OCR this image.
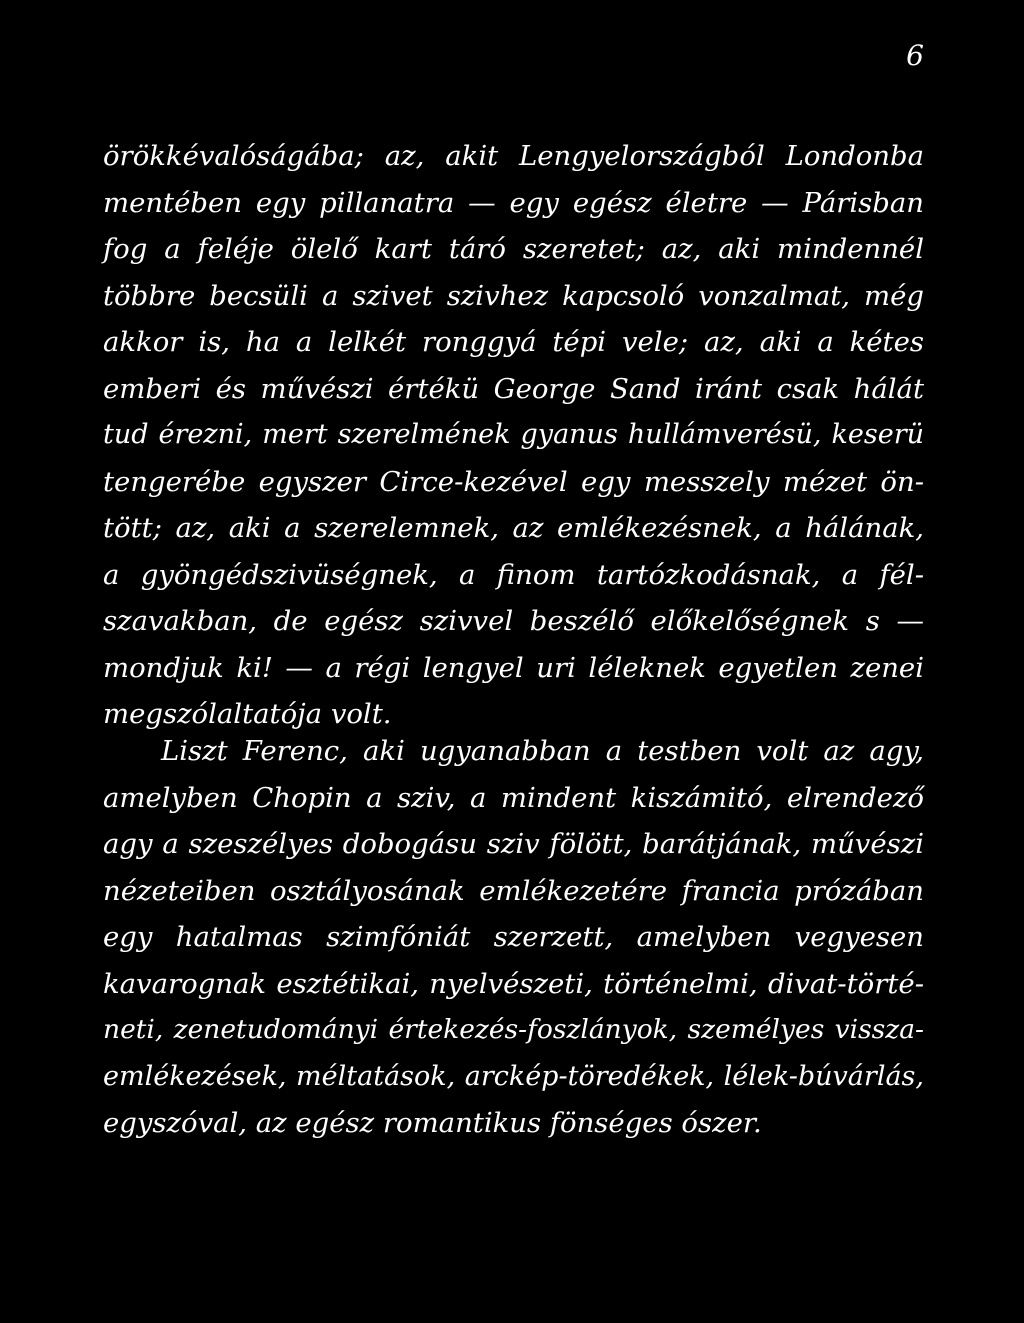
6
örökkévalóságába; az, akit Lengyelországból Londonba
mentében egy pillanatra — egy egész életre — Párisban
fog a feléje ölelő kart táró szeretet; az, aki mindennél
többre becsüli a szivet szivhez kapcsoló vonzalmat, még
akkor is, ha a lelkét ronggyá tépi vele; az, aki a kétes
emberi és művészi értékü George Sand iránt csak hálát
tud érezni, mert szerelmének gyanus hullámverésü, keserü
tengerébe egyszer Circe-kezével egy messzely mézet ön-
tött; az, aki a szerelemnek, az emlékezésnek, a hálának,
a gyöngédszivüségnek, a finom tartózkodásnak, a fél-
szavakban, de egész szivvel beszélő előkelőségnek s —
mondjuk ki! — a régi lengyel uri léleknek egyetlen zenei
megszólaltatója volt.
Liszt Ferenc, aki ugyanabban a testben volt az agy,
amelyben Chopin a sziv, a mindent kiszámitó, elrendező
agy a szeszélyes dobogásu sziv fölött, barátjának, művészi
nézeteiben osztályosának emlékezetére francia prózában
egy hatalmas szimfóniát szerzett, amelyben vegyesen
kavarognak esztétikai, nyelvészeti, történelmi, divat-törté-
neti, zenetudományi értekezés-foszlányok, személyes vissza-
emlékezések, méltatások, arckép-töredékek, lélek-búvárlás,
egyszóval, az egész romantikus fönséges ószer.
